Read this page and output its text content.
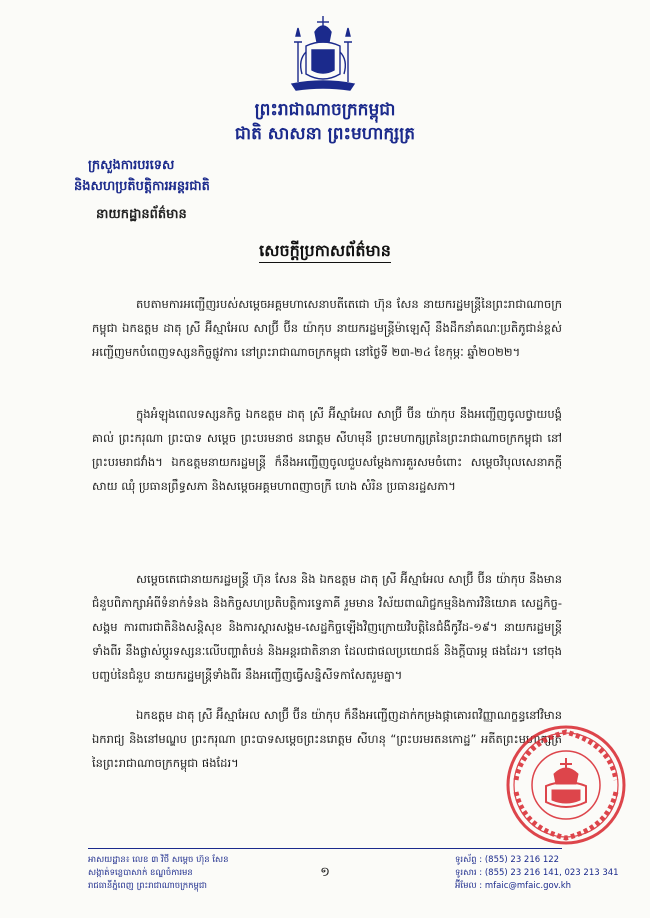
ព្រះរាជាណាចក្រកម្ពុជា
ជាតិ សាសនា ព្រះមហាក្សត្រ
ក្រសួងការបរទេស
និងសហប្រតិបត្តិការអន្តរជាតិ
នាយកដ្ឋានព័ត៌មាន
សេចក្ដីប្រកាសព័ត៌មាន
តបតាមការអញ្ជើញរបស់សម្ដេចអគ្គមហាសេនាបតីតេជោ ហ៊ុន សែន នាយករដ្ឋមន្ត្រីនៃព្រះរាជាណាចក្រកម្ពុជា ឯកឧត្តម ដាតុ ស្រី អ៊ីស្មាអែល សាប្រ៊ី ប៊ីន យ៉ាកុប នាយករដ្ឋមន្ត្រីម៉ាឡេស៊ី នឹងដឹកនាំគណៈប្រតិភូជាន់ខ្ពស់អញ្ជើញមកបំពេញទស្សនកិច្ចផ្លូវការ នៅព្រះរាជាណាចក្រកម្ពុជា នៅថ្ងៃទី ២៣-២៤ ខែកុម្ភៈ ឆ្នាំ២០២២។
ក្នុងអំឡុងពេលទស្សនកិច្ច ឯកឧត្តម ដាតុ ស្រី អ៊ីស្មាអែល សាប្រ៊ី ប៊ីន យ៉ាកុប នឹងអញ្ជើញចូលថ្វាយបង្គំគាល់ ព្រះករុណា ព្រះបាទ សម្ដេច ព្រះបរមនាថ នរោត្តម សីហមុនី ព្រះមហាក្សត្រនៃព្រះរាជាណាចក្រកម្ពុជា នៅព្រះបរមរាជវាំង។ ឯកឧត្តមនាយករដ្ឋមន្ត្រី ក៏នឹងអញ្ជើញចូលជួបសម្ដែងការគួរសមចំពោះ សម្ដេចវិបុលសេនាភក្ដី សាយ ឈុំ ប្រធានព្រឹទ្ធសភា និងសម្ដេចអគ្គមហាពញាចក្រី ហេង សំរិន ប្រធានរដ្ឋសភា។
សម្ដេចតេជោនាយករដ្ឋមន្ត្រី ហ៊ុន សែន និង ឯកឧត្តម ដាតុ ស្រី អ៊ីស្មាអែល សាប្រ៊ី ប៊ីន យ៉ាកុប នឹងមានជំនួបពិភាក្សាអំពីទំនាក់ទំនង និងកិច្ចសហប្រតិបត្តិការទ្វេភាគី រួមមាន វិស័យពាណិជ្ជកម្មនិងការវិនិយោគ សេដ្ឋកិច្ច-សង្គម ការពារជាតិនិងសន្តិសុខ និងការស្ដារសង្គម-សេដ្ឋកិច្ចឡើងវិញក្រោយវិបត្តិនៃជំងឺកូវីដ-១៩។ នាយករដ្ឋមន្ត្រីទាំងពីរ នឹងផ្លាស់ប្ដូរទស្សនៈលើបញ្ហាតំបន់ និងអន្តរជាតិនានា ដែលជាផលប្រយោជន៍ និងក្ដីបារម្ភ ផងដែរ។ នៅចុងបញ្ចប់នៃជំនួប នាយករដ្ឋមន្ត្រីទាំងពីរ នឹងអញ្ជើញធ្វើសន្និសីទកាសែតរួមគ្នា។
ឯកឧត្តម ដាតុ ស្រី អ៊ីស្មាអែល សាប្រ៊ី ប៊ីន យ៉ាកុប ក៏នឹងអញ្ជើញដាក់កម្រងផ្កាគោរពវិញ្ញាណក្ខន្ធនៅវិមានឯករាជ្យ និងនៅមណ្ឌប ព្រះករុណា ព្រះបាទសម្ដេចព្រះនរោត្តម សីហនុ “ព្រះបរមរតនកោដ្ឋ” អតីតព្រះមហាក្សត្រនៃព្រះរាជាណាចក្រកម្ពុជា ផងដែរ។
អាសយដ្ឋាន៖ លេខ ៣ វិថី សម្ដេច ហ៊ុន សែន
សង្កាត់ទន្លេបាសាក់ ខណ្ឌចំការមន
រាជធានីភ្នំពេញ ព្រះរាជាណាចក្រកម្ពុជា
១
ទូរស័ព្ទ : (855) 23 216 122
ទូរសារ : (855) 23 216 141, 023 213 341
អ៊ីមែល : mfaic@mfaic.gov.kh
